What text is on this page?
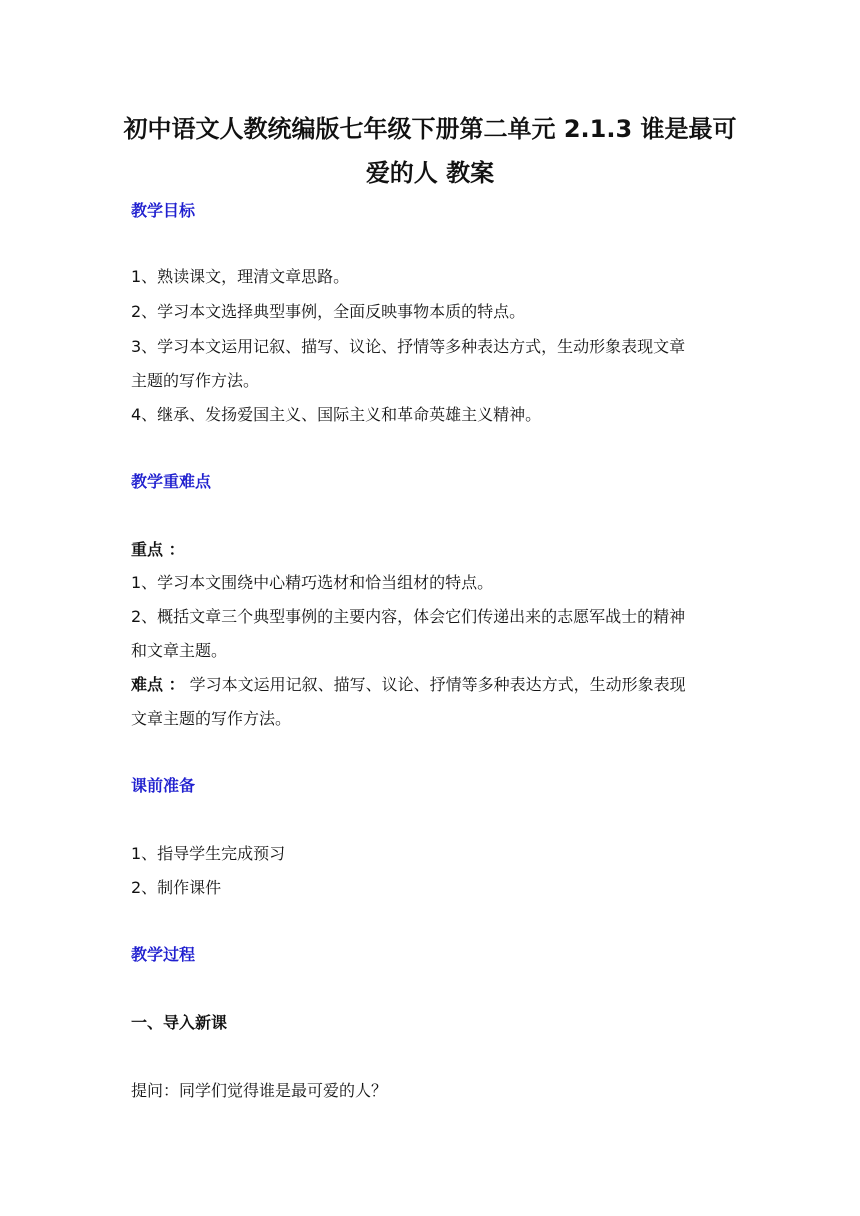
初中语文人教统编版七年级下册第二单元 2.1.3 谁是最可
爱的人 教案
教学目标
1、熟读课文，理清文章思路。
2、学习本文选择典型事例，全面反映事物本质的特点。
3、学习本文运用记叙、描写、议论、抒情等多种表达方式，生动形象表现文章
主题的写作方法。
4、继承、发扬爱国主义、国际主义和革命英雄主义精神。
教学重难点
重点 ：
1、学习本文围绕中心精巧选材和恰当组材的特点。
2、概括文章三个典型事例的主要内容，体会它们传递出来的志愿军战士的精神
和文章主题。
难点 ： 学习本文运用记叙、描写、议论、抒情等多种表达方式，生动形象表现
文章主题的写作方法。
课前准备
1、指导学生完成预习
2、制作课件
教学过程
一、导入新课
提问：同学们觉得谁是最可爱的人？
